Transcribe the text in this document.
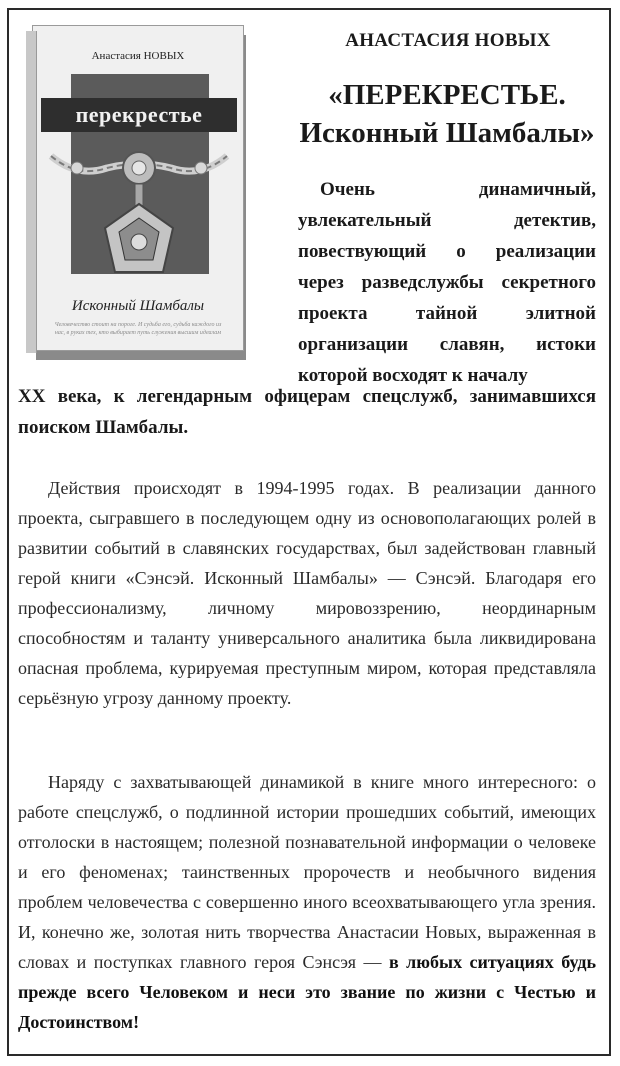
Анастасия НОВЫХ
перекрестье
Исконный Шамбалы
Человечество стоит на пороге. И судьба его, судьба каждого из нас, в руках тех, кто выбирает путь служения высшим идеалам
АНАСТАСИЯ НОВЫХ
«ПЕРЕКРЕСТЬЕ.
Исконный Шамбалы»
Очень динамичный, увлекательный детектив, повествующий о реализации через разведслужбы секретного проекта тайной элитной организации славян, истоки которой восходят к началу
XX века, к легендарным офицерам спецслужб, занимавшихся поиском Шамбалы.
Действия происходят в 1994-1995 годах. В реализации данного проекта, сыгравшего в последующем одну из основополагающих ролей в развитии событий в славянских государствах, был задействован главный герой книги «Сэнсэй. Исконный Шамбалы» — Сэнсэй. Благодаря его профессионализму, личному мировоззрению, неординарным способностям и таланту универсального аналитика была ликвидирована опасная проблема, курируемая преступным миром, которая представляла серьёзную угрозу данному проекту.
Наряду с захватывающей динамикой в книге много интересного: о работе спецслужб, о подлинной истории прошедших событий, имеющих отголоски в настоящем; полезной познавательной информации о человеке и его феноменах; таинственных пророчеств и необычного видения проблем человечества с совершенно иного всеохватывающего угла зрения. И, конечно же, золотая нить творчества Анастасии Новых, выраженная в словах и поступках главного героя Сэнсэя — в любых ситуациях будь прежде всего Человеком и неси это звание по жизни с Честью и Достоинством!
